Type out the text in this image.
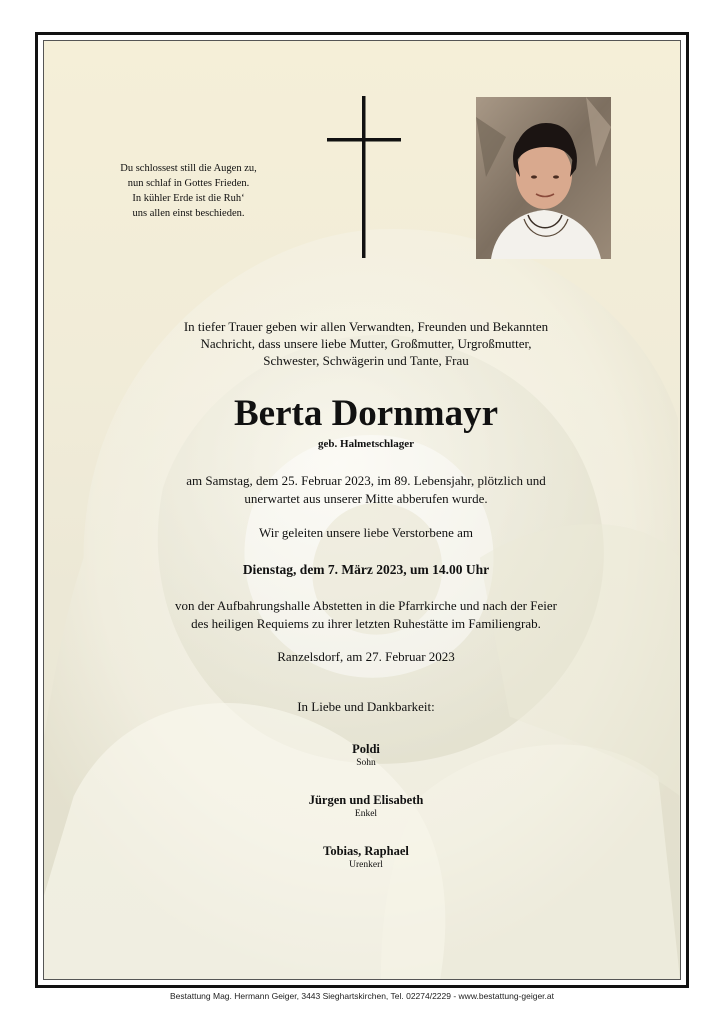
Du schlossest still die Augen zu,
nun schlaf in Gottes Frieden.
In kühler Erde ist die Ruh‘
uns allen einst beschieden.
In tiefer Trauer geben wir allen Verwandten, Freunden und Bekannten
Nachricht, dass unsere liebe Mutter, Großmutter, Urgroßmutter,
Schwester, Schwägerin und Tante, Frau
Berta Dornmayr
geb. Halmetschlager
am Samstag, dem 25. Februar 2023, im 89. Lebensjahr, plötzlich und
unerwartet aus unserer Mitte abberufen wurde.
Wir geleiten unsere liebe Verstorbene am
Dienstag, dem 7. März 2023, um 14.00 Uhr
von der Aufbahrungshalle Abstetten in die Pfarrkirche und nach der Feier
des heiligen Requiems zu ihrer letzten Ruhestätte im Familiengrab.
Ranzelsdorf, am 27. Februar 2023
In Liebe und Dankbarkeit:
Poldi
Sohn
Jürgen und Elisabeth
Enkel
Tobias, Raphael
Urenkerl
Bestattung Mag. Hermann Geiger, 3443 Sieghartskirchen, Tel. 02274/2229 - www.bestattung-geiger.at
